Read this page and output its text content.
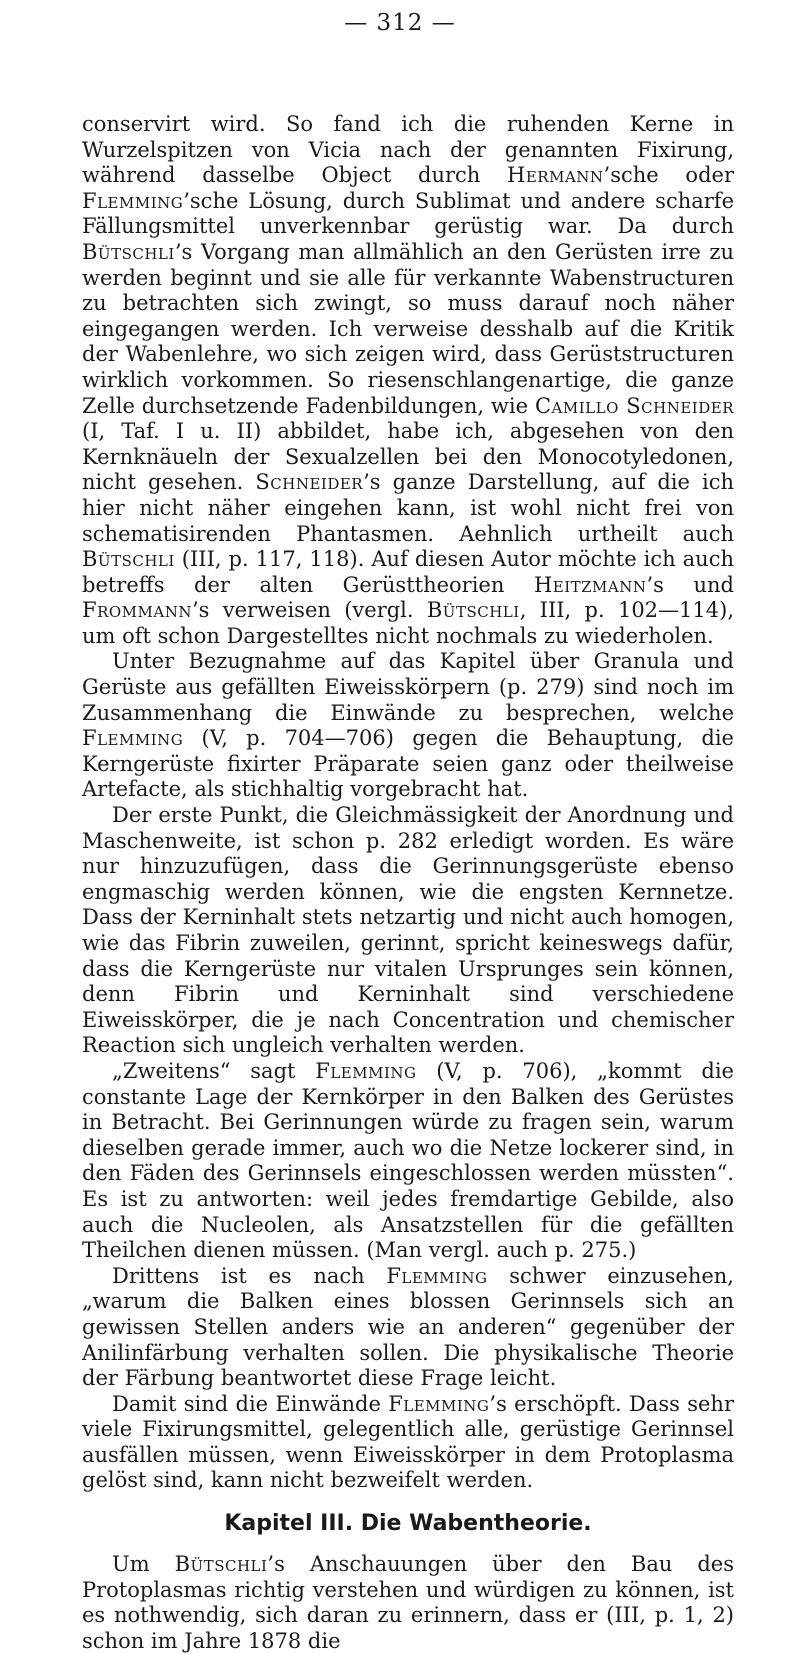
— 312 —

conservirt wird. So fand ich die ruhenden Kerne in Wurzelspitzen von Vicia nach der genannten Fixirung, während dasselbe Object durch Hermann’sche oder Flemming’sche Lösung, durch Sublimat und andere scharfe Fällungsmittel unverkennbar gerüstig war. Da durch Bütschli’s Vorgang man allmählich an den Gerüsten irre zu werden beginnt und sie alle für verkannte Wabenstructuren zu betrachten sich zwingt, so muss darauf noch näher eingegangen werden. Ich verweise desshalb auf die Kritik der Wabenlehre, wo sich zeigen wird, dass Gerüststructuren wirklich vorkommen. So riesenschlangenartige, die ganze Zelle durchsetzende Fadenbildungen, wie Camillo Schneider (I, Taf. I u. II) abbildet, habe ich, abgesehen von den Kernknäueln der Sexualzellen bei den Monocotyledonen, nicht gesehen. Schneider’s ganze Darstellung, auf die ich hier nicht näher eingehen kann, ist wohl nicht frei von schematisirenden Phantasmen. Aehnlich urtheilt auch Bütschli (III, p. 117, 118). Auf diesen Autor möchte ich auch betreffs der alten Gerüsttheorien Heitzmann’s und Frommann’s verweisen (vergl. Bütschli, III, p. 102—114), um oft schon Dargestelltes nicht nochmals zu wiederholen.

Unter Bezugnahme auf das Kapitel über Granula und Gerüste aus gefällten Eiweisskörpern (p. 279) sind noch im Zusammenhang die Einwände zu besprechen, welche Flemming (V, p. 704—706) gegen die Behauptung, die Kerngerüste fixirter Präparate seien ganz oder theilweise Artefacte, als stichhaltig vorgebracht hat.

Der erste Punkt, die Gleichmässigkeit der Anordnung und Maschenweite, ist schon p. 282 erledigt worden. Es wäre nur hinzuzufügen, dass die Gerinnungsgerüste ebenso engmaschig werden können, wie die engsten Kernnetze. Dass der Kerninhalt stets netzartig und nicht auch homogen, wie das Fibrin zuweilen, gerinnt, spricht keineswegs dafür, dass die Kerngerüste nur vitalen Ursprunges sein können, denn Fibrin und Kerninhalt sind verschiedene Eiweisskörper, die je nach Concentration und chemischer Reaction sich ungleich verhalten werden.

„Zweitens“ sagt Flemming (V, p. 706), „kommt die constante Lage der Kernkörper in den Balken des Gerüstes in Betracht. Bei Gerinnungen würde zu fragen sein, warum dieselben gerade immer, auch wo die Netze lockerer sind, in den Fäden des Gerinnsels eingeschlossen werden müssten“. Es ist zu antworten: weil jedes fremdartige Gebilde, also auch die Nucleolen, als Ansatzstellen für die gefällten Theilchen dienen müssen. (Man vergl. auch p. 275.)

Drittens ist es nach Flemming schwer einzusehen, „warum die Balken eines blossen Gerinnsels sich an gewissen Stellen anders wie an anderen“ gegenüber der Anilinfärbung verhalten sollen. Die physikalische Theorie der Färbung beantwortet diese Frage leicht.

Damit sind die Einwände Flemming’s erschöpft. Dass sehr viele Fixirungsmittel, gelegentlich alle, gerüstige Gerinnsel ausfällen müssen, wenn Eiweisskörper in dem Protoplasma gelöst sind, kann nicht bezweifelt werden.

Kapitel III. Die Wabentheorie.

Um Bütschli’s Anschauungen über den Bau des Protoplasmas richtig verstehen und würdigen zu können, ist es nothwendig, sich daran zu erinnern, dass er (III, p. 1, 2) schon im Jahre 1878 die
